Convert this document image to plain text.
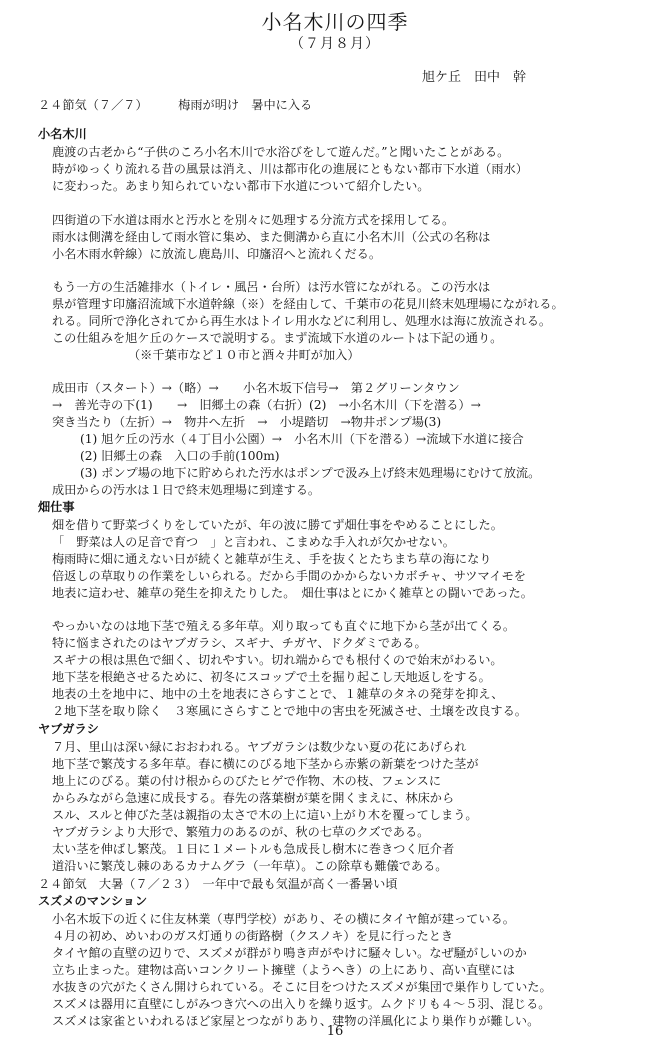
小名木川の四季
（７月８月）
旭ケ丘　田中　幹

２４節気（７／７）　　　梅雨が明け　暑中に入る

小名木川

鹿渡の古老から“子供のころ小名木川で水浴びをして遊んだ。”と聞いたことがある。

時がゆっくり流れる昔の風景は消え、川は都市化の進展にともない都市下水道（雨水）

に変わった。あまり知られていない都市下水道について紹介したい。

四街道の下水道は雨水と汚水とを別々に処理する分流方式を採用してる。

雨水は側溝を経由して雨水管に集め、また側溝から直に小名木川（公式の名称は

小名木雨水幹線）に放流し鹿島川、印旛沼へと流れくだる。

もう一方の生活雑排水（トイレ・風呂・台所）は汚水管にながれる。この汚水は

県が管理す印旛沼流域下水道幹線（※）を経由して、千葉市の花見川終末処理場にながれる。

れる。同所で浄化されてから再生水はトイレ用水などに利用し、処理水は海に放流される。

この仕組みを旭ケ丘のケースで説明する。まず流域下水道のルートは下記の通り。

（※千葉市など１０市と酒々井町が加入）

成田市（スタート）→（略）→　　小名木坂下信号→　第２グリーンタウン

→　善光寺の下(1)　　→　旧郷土の森（右折）(2)　→小名木川（下を潜る）→

突き当たり（左折）→　物井へ左折　→　小堤踏切　→物井ポンプ場(3)

(1) 旭ケ丘の汚水（４丁目小公園）→　小名木川（下を潜る）→流域下水道に接合

(2) 旧郷土の森　入口の手前(100m)

(3) ポンプ場の地下に貯められた汚水はポンプで汲み上げ終末処理場にむけて放流。

成田からの汚水は１日で終末処理場に到達する。

畑仕事

畑を借りて野菜づくりをしていたが、年の波に勝てず畑仕事をやめることにした。

「　野菜は人の足音で育つ　」と言われ、こまめな手入れが欠かせない。

梅雨時に畑に通えない日が続くと雑草が生え、手を抜くとたちまち草の海になり

倍返しの草取りの作業をしいられる。だから手間のかからないカボチャ、サツマイモを

地表に這わせ、雑草の発生を抑えたりした。　畑仕事はとにかく雑草との闘いであった。

やっかいなのは地下茎で殖える多年草。刈り取っても直ぐに地下から茎が出てくる。

特に悩まされたのはヤブガラシ、スギナ、チガヤ、ドクダミである。

スギナの根は黒色で細く、切れやすい。切れ端からでも根付くので始末がわるい。

地下茎を根絶させるために、初冬にスコップで土を掘り起こし天地返しをする。

地表の土を地中に、地中の土を地表にさらすことで、１雑草のタネの発芽を抑え、

２地下茎を取り除く　３寒風にさらすことで地中の害虫を死滅させ、土壌を改良する。

ヤブガラシ

７月、里山は深い緑におおわれる。ヤブガラシは数少ない夏の花にあげられ

地下茎で繁茂する多年草。春に横にのびる地下茎から赤紫の新葉をつけた茎が

地上にのびる。葉の付け根からのびたヒゲで作物、木の枝、フェンスに

からみながら急速に成長する。春先の落葉樹が葉を開くまえに、林床から

スル、スルと伸びた茎は親指の太さで木の上に這い上がり木を覆ってしまう。

ヤブガラシより大形で、繁殖力のあるのが、秋の七草のクズである。

太い茎を伸ばし繁茂。１日に１メートルも急成長し樹木に巻きつく厄介者

道沿いに繁茂し棘のあるカナムグラ（一年草）。この除草も難儀である。

２４節気　大暑（７／２３）　一年中で最も気温が高く一番暑い頃

スズメのマンション

小名木坂下の近くに住友林業（専門学校）があり、その横にタイヤ館が建っている。

４月の初め、めいわのガス灯通りの街路樹（クスノキ）を見に行ったとき

タイヤ館の直壁の辺りで、スズメが群がり鳴き声がやけに騒々しい。なぜ騒がしいのか

立ち止まった。建物は高いコンクリート擁壁（ようへき）の上にあり、高い直壁には

水抜きの穴がたくさん開けられている。そこに目をつけたスズメが集団で巣作りしていた。

スズメは器用に直壁にしがみつき穴への出入りを繰り返す。ムクドリも４～５羽、混じる。

スズメは家雀といわれるほど家屋とつながりあり、建物の洋風化により巣作りが難しい。

16
